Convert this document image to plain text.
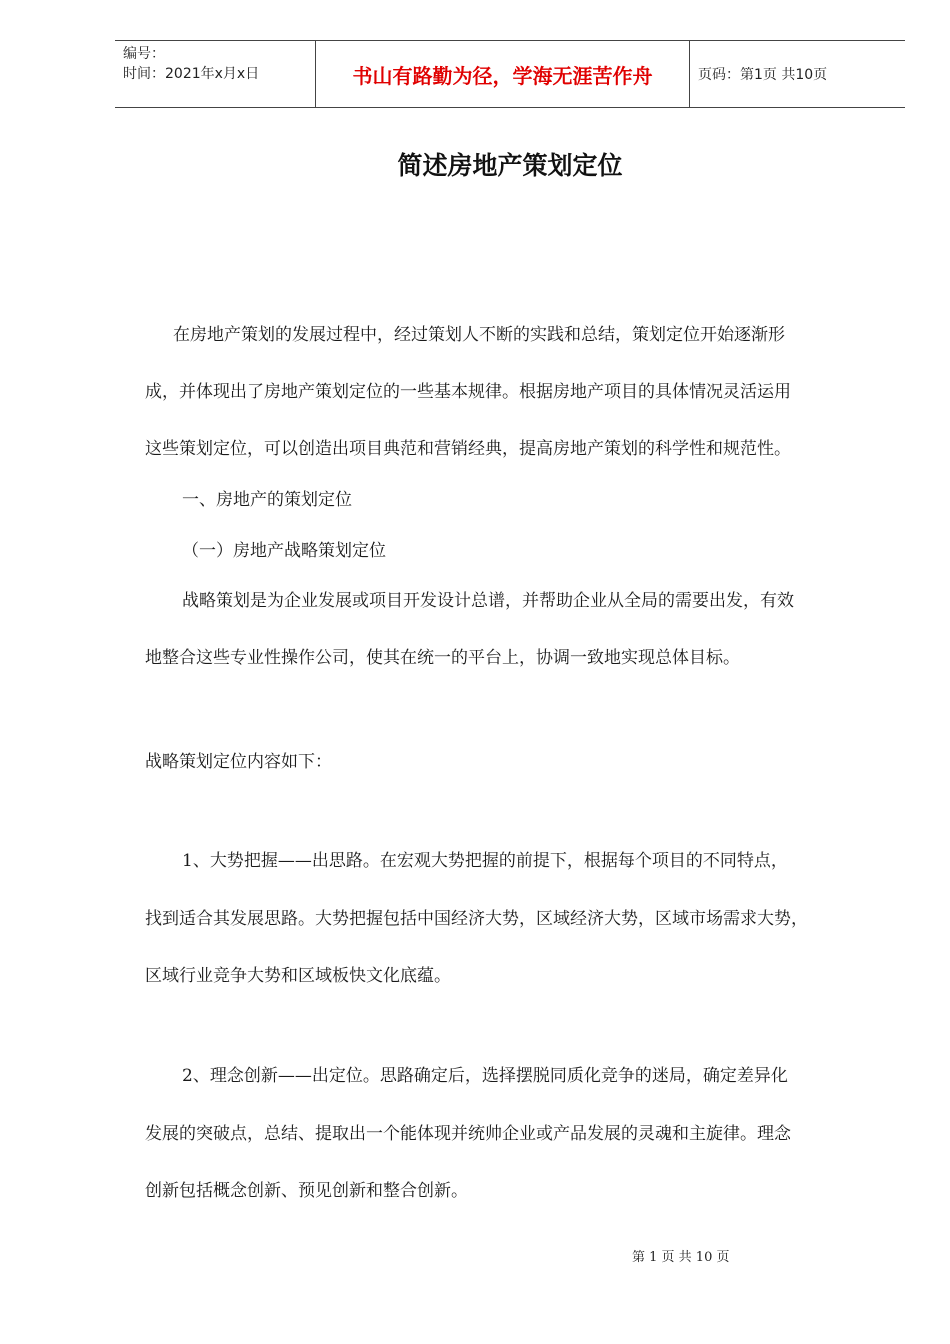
编号：
时间：2021年x月x日	书山有路勤为径，学海无涯苦作舟	页码：第1页 共10页
简述房地产策划定位
在房地产策划的发展过程中，经过策划人不断的实践和总结，策划定位开始逐渐形
成，并体现出了房地产策划定位的一些基本规律。根据房地产项目的具体情况灵活运用
这些策划定位，可以创造出项目典范和营销经典，提高房地产策划的科学性和规范性。
一、房地产的策划定位
（一）房地产战略策划定位
战略策划是为企业发展或项目开发设计总谱，并帮助企业从全局的需要出发，有效
地整合这些专业性操作公司，使其在统一的平台上，协调一致地实现总体目标。
战略策划定位内容如下：
1、大势把握——出思路。在宏观大势把握的前提下，根据每个项目的不同特点，
找到适合其发展思路。大势把握包括中国经济大势，区域经济大势，区域市场需求大势，
区域行业竞争大势和区域板快文化底蕴。
2、理念创新——出定位。思路确定后，选择摆脱同质化竞争的迷局，确定差异化
发展的突破点，总结、提取出一个能体现并统帅企业或产品发展的灵魂和主旋律。理念
创新包括概念创新、预见创新和整合创新。
第 1 页 共 10 页
